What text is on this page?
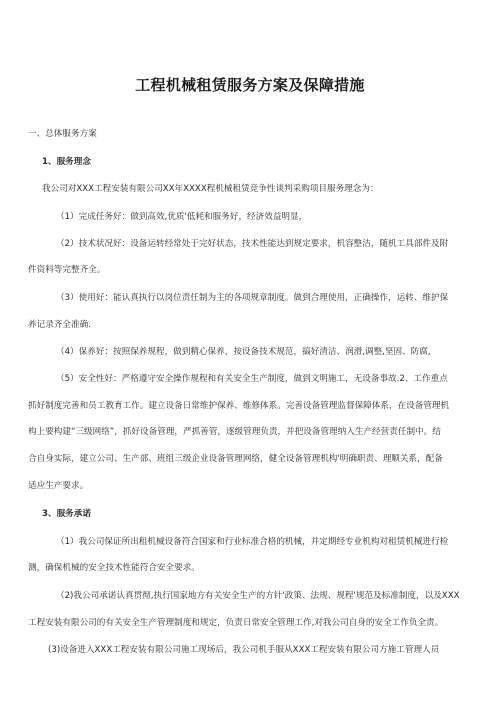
工程机械租赁服务方案及保障措施
一、总体服务方案
1、服务理念
我公司对XXX工程安装有限公司XX年XXXX程机械租赁竞争性谈判采购项目服务理念为：
（1）完成任务好：做到高效,优质'低耗和服务好，经济效益明显，
（2）技术状况好：设备运转经常处于完好状态，技术性能达到规定要求，机容整洁，随机工具部件及附
件资料等完整齐全。
（3）使用好：能认真执行以岗位责任制为主的各项规章制度。做到合理使用，正确操作，运转、维护保
养记录齐全准确.
（4）保养好：按照保养规程，做到精心保养，按设备技术规范，搞好清洁、润滑,调整,坚固、防腐,
（5）安全性好：严格遵守安全操作规程和有关安全生产制度，做到文明施工，无设备事故.2、工作重点
抓好制度完善和员工教育工作。建立设备日常维护保养、维修体系。完善设备管理监督保障体系，在设备管理机
构上要构建“三级网络”，抓好设备管理，严抓善管，逐级管理负责，并把设备管理纳入生产经营责任制中。结
合自身实际，建立公司、生产部、班组三级企业设备管理网络，健全设备管理机构'明确职责、理顺关系，配备
适应生产要求。
3、服务承诺
（1）我公司保证所出租机械设备符合国家和行业标准合格的机械，并定期经专业机构对租赁机械进行检
测，确保机械的安全技术性能符合安全要求。
（2)我公司承诺认真贯彻,执行国家地方有关安全生产的方针'政策、法规、规程'规范及标准制度，以及XXX
工程安装有限公司的有关安全生产管理制度和规定，负责日常安全管理工作,对我公司自身的安全工作负全责。
(3)设备进入XXX工程安装有限公司施工现场后，我公司机手服从XXX工程安装有限公司方施工管理人员
